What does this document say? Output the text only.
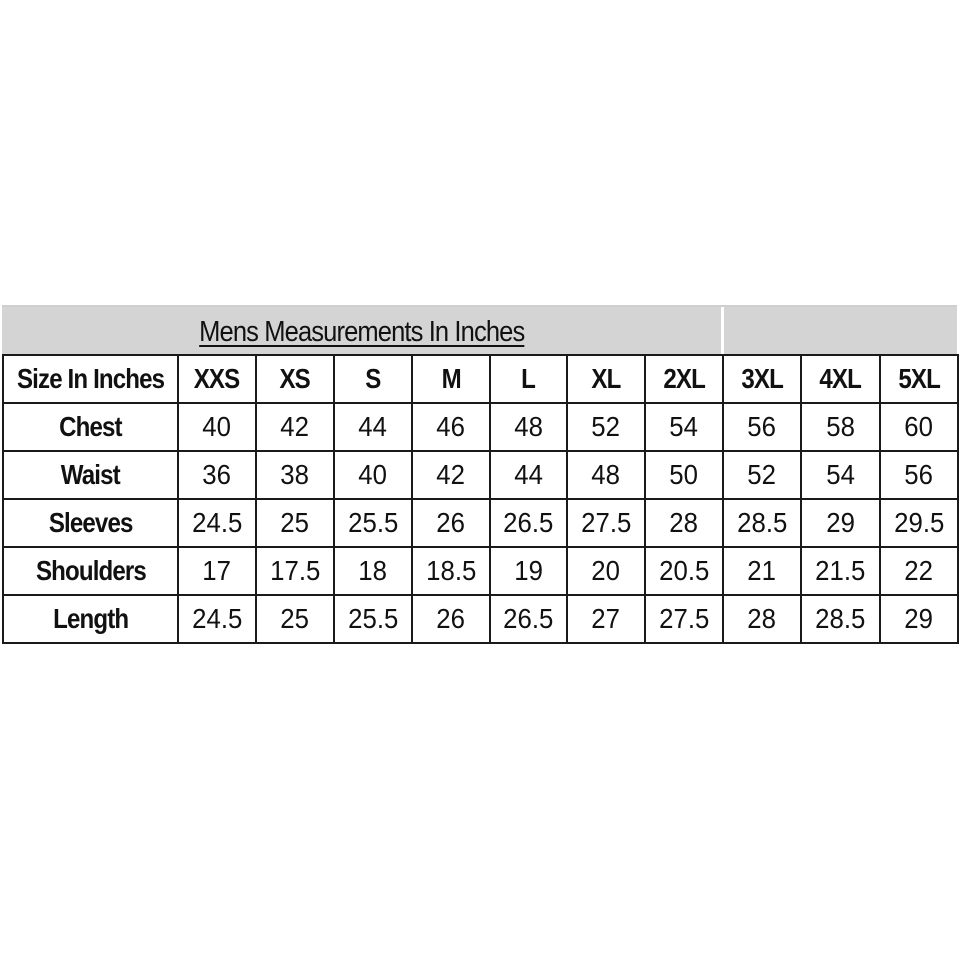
Mens Measurements In Inches
Size In Inches	XXS	XS	S	M	L	XL	2XL	3XL	4XL	5XL
Chest	40	42	44	46	48	52	54	56	58	60
Waist	36	38	40	42	44	48	50	52	54	56
Sleeves	24.5	25	25.5	26	26.5	27.5	28	28.5	29	29.5
Shoulders	17	17.5	18	18.5	19	20	20.5	21	21.5	22
Length	24.5	25	25.5	26	26.5	27	27.5	28	28.5	29
